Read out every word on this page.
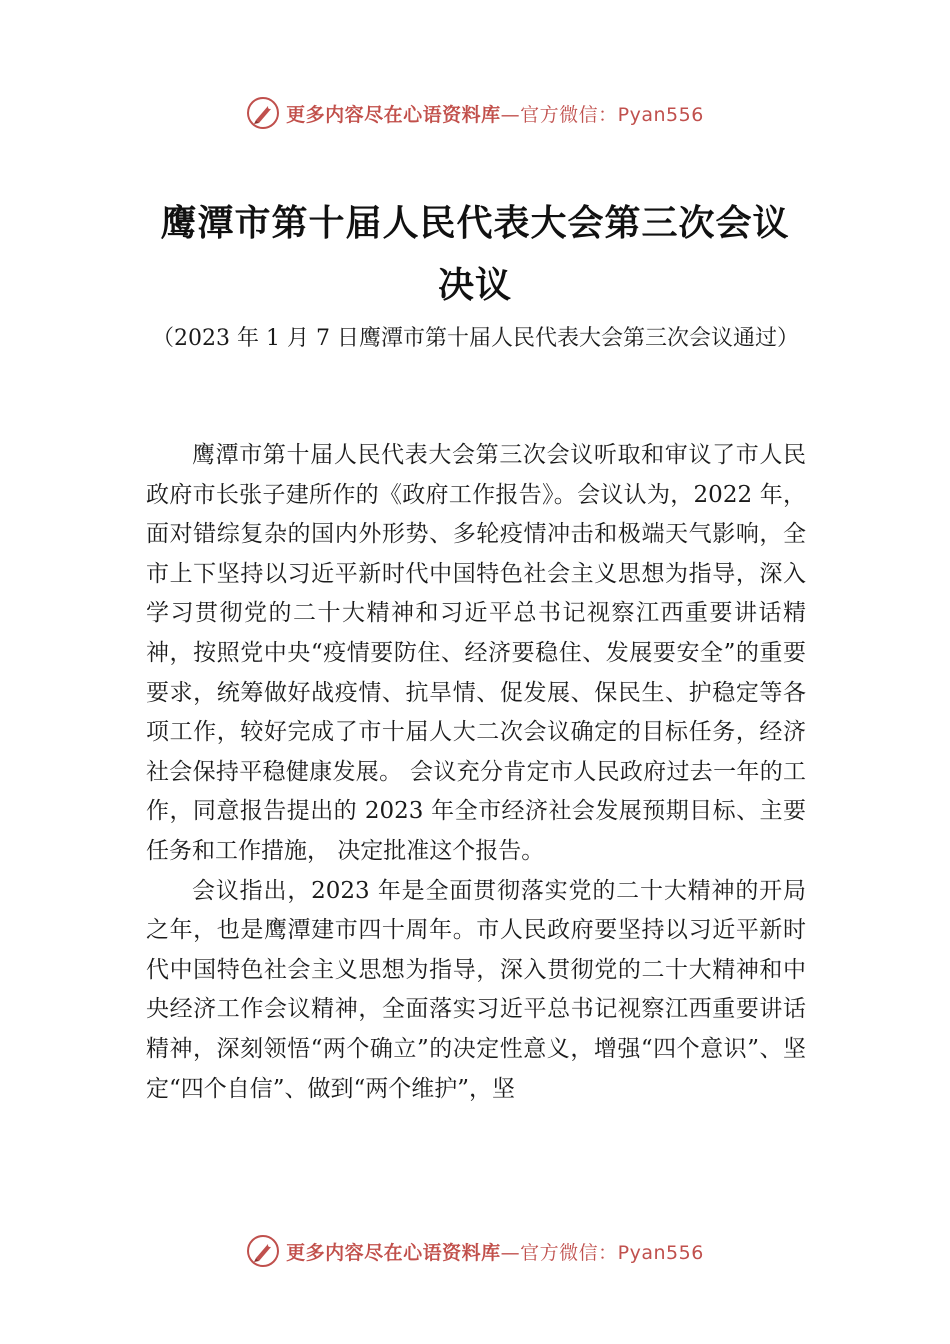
更多内容尽在心语资料库—官方微信：Pyan556
鹰潭市第十届人民代表大会第三次会议决议
（2023 年 1 月 7 日鹰潭市第十届人民代表大会第三次会议通过）

鹰潭市第十届人民代表大会第三次会议听取和审议了市人民政府市长张子建所作的《政府工作报告》。会议认为，2022 年，面对错综复杂的国内外形势、多轮疫情冲击和极端天气影响，全市上下坚持以习近平新时代中国特色社会主义思想为指导，深入学习贯彻党的二十大精神和习近平总书记视察江西重要讲话精神，按照党中央“疫情要防住、经济要稳住、发展要安全”的重要要求，统筹做好战疫情、抗旱情、促发展、保民生、护稳定等各项工作，较好完成了市十届人大二次会议确定的目标任务，经济社会保持平稳健康发展。 会议充分肯定市人民政府过去一年的工作，同意报告提出的 2023 年全市经济社会发展预期目标、主要任务和工作措施， 决定批准这个报告。

会议指出，2023 年是全面贯彻落实党的二十大精神的开局之年，也是鹰潭建市四十周年。市人民政府要坚持以习近平新时代中国特色社会主义思想为指导，深入贯彻党的二十大精神和中央经济工作会议精神，全面落实习近平总书记视察江西重要讲话精神，深刻领悟“两个确立”的决定性意义，增强“四个意识”、坚定“四个自信”、做到“两个维护”，坚

更多内容尽在心语资料库—官方微信：Pyan556
